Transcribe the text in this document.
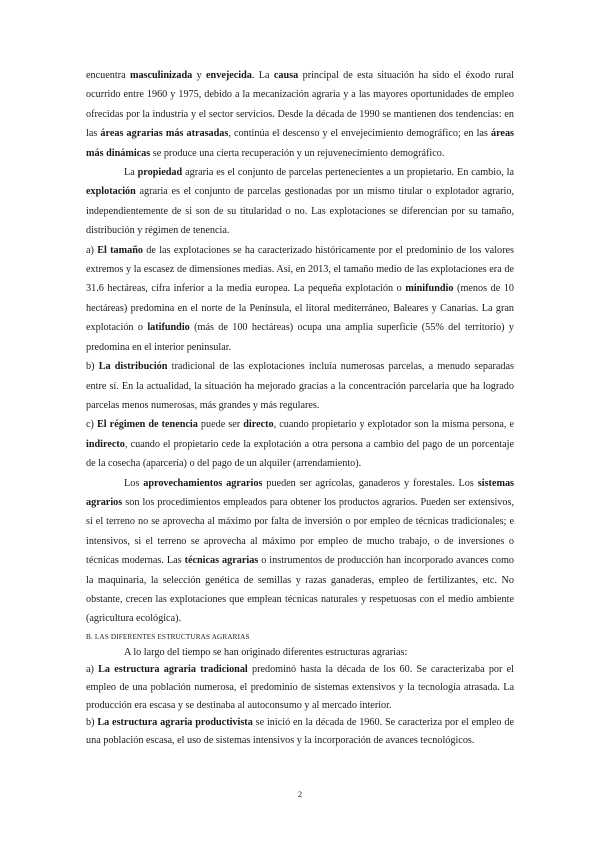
encuentra masculinizada y envejecida. La causa principal de esta situación ha sido el éxodo rural ocurrido entre 1960 y 1975, debido a la mecanización agraria y a las mayores oportunidades de empleo ofrecidas por la industria y el sector servicios. Desde la década de 1990 se mantienen dos tendencias: en las áreas agrarias más atrasadas, continúa el descenso y el envejecimiento demográfico; en las áreas más dinámicas se produce una cierta recuperación y un rejuvenecimiento demográfico.

La propiedad agraria es el conjunto de parcelas pertenecientes a un propietario. En cambio, la explotación agraria es el conjunto de parcelas gestionadas por un mismo titular o explotador agrario, independientemente de si son de su titularidad o no. Las explotaciones se diferencian por su tamaño, distribución y régimen de tenencia.

a) El tamaño de las explotaciones se ha caracterizado históricamente por el predominio de los valores extremos y la escasez de dimensiones medias. Así, en 2013, el tamaño medio de las explotaciones era de 31.6 hectáreas, cifra inferior a la media europea. La pequeña explotación o minifundio (menos de 10 hectáreas) predomina en el norte de la Península, el litoral mediterráneo, Baleares y Canarias. La gran explotación o latifundio (más de 100 hectáreas) ocupa una amplia superficie (55% del territorio) y predomina en el interior peninsular.

b) La distribución tradicional de las explotaciones incluía numerosas parcelas, a menudo separadas entre sí. En la actualidad, la situación ha mejorado gracias a la concentración parcelaria que ha logrado parcelas menos numerosas, más grandes y más regulares.

c) El régimen de tenencia puede ser directo, cuando propietario y explotador son la misma persona, e indirecto, cuando el propietario cede la explotación a otra persona a cambio del pago de un porcentaje de la cosecha (aparcería) o del pago de un alquiler (arrendamiento).

Los aprovechamientos agrarios pueden ser agrícolas, ganaderos y forestales. Los sistemas agrarios son los procedimientos empleados para obtener los productos agrarios. Pueden ser extensivos, si el terreno no se aprovecha al máximo por falta de inversión o por empleo de técnicas tradicionales; e intensivos, si el terreno se aprovecha al máximo por empleo de mucho trabajo, o de inversiones o técnicas modernas. Las técnicas agrarias o instrumentos de producción han incorporado avances como la maquinaria, la selección genética de semillas y razas ganaderas, empleo de fertilizantes, etc. No obstante, crecen las explotaciones que emplean técnicas naturales y respetuosas con el medio ambiente (agricultura ecológica).

B. LAS DIFERENTES ESTRUCTURAS AGRARIAS

A lo largo del tiempo se han originado diferentes estructuras agrarias:

a) La estructura agraria tradicional predominó hasta la década de los 60. Se caracterizaba por el empleo de una población numerosa, el predominio de sistemas extensivos y la tecnología atrasada. La producción era escasa y se destinaba al autoconsumo y al mercado interior.

b) La estructura agraria productivista se inició en la década de 1960. Se caracteriza por el empleo de una población escasa, el uso de sistemas intensivos y la incorporación de avances tecnológicos.

2
